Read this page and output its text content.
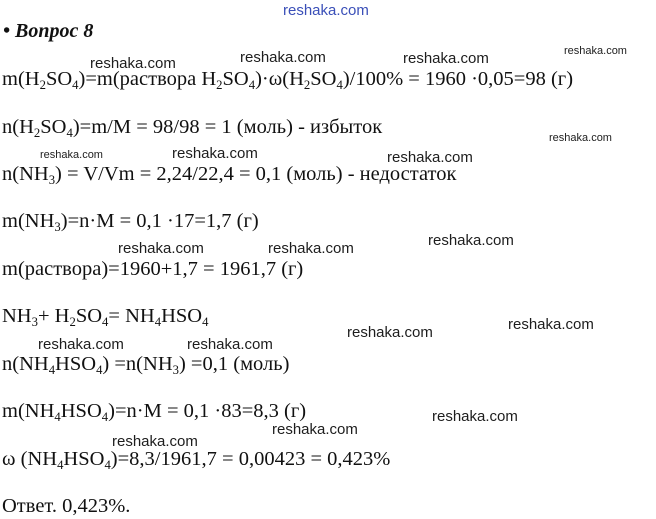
reshaka.com
• Вопрос 8
$m(H_2SO_4)=m(раствора$ $H_2SO_4)\cdot\omega(H_2SO_4)/100\% = 1960 \cdot 0,05=98$ (г)
$n(H_2SO_4)=m/M = 98/98 = 1$ (моль) - избыток
$n(NH_3) = V/Vm = 2,24/22,4 = 0,1$ (моль) - недостаток
$m(NH_3)=n\cdot M = 0,1 \cdot 17=1,7$ (г)
m(раствора)=1960+1,7 = 1961,7 (г)
$NH_3+ H_2SO_4= NH_4HSO_4$
$n(NH_4HSO_4) =n(NH_3) =0,1$ (моль)
$m(NH_4HSO_4)=n\cdot M = 0,1 \cdot 83=8,3$ (г)
ω $(NH_4HSO_4)=8,3/1961,7 = 0,00423 = 0,423\%$
Ответ. 0,423%.
reshaka.com	reshaka.com	reshaka.com	reshaka.com
reshaka.com
reshaka.com	reshaka.com	reshaka.com
reshaka.com
reshaka.com	reshaka.com
reshaka.com
reshaka.com
reshaka.com	reshaka.com
reshaka.com
reshaka.com
reshaka.com
